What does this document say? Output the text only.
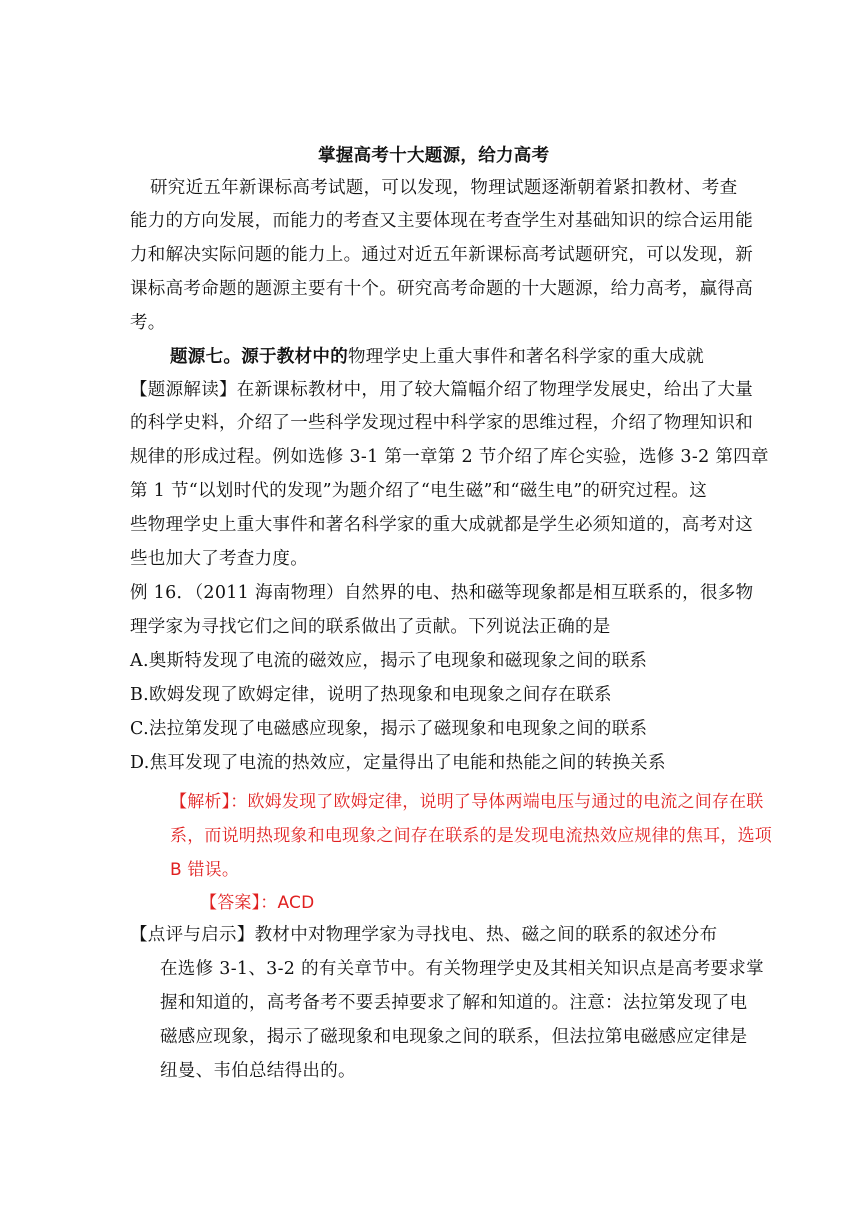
掌握高考十大题源，给力高考
研究近五年新课标高考试题，可以发现，物理试题逐渐朝着紧扣教材、考查
能力的方向发展，而能力的考查又主要体现在考查学生对基础知识的综合运用能
力和解决实际问题的能力上。通过对近五年新课标高考试题研究，可以发现，新
课标高考命题的题源主要有十个。研究高考命题的十大题源，给力高考，赢得高
考。
题源七。源于教材中的物理学史上重大事件和著名科学家的重大成就
【题源解读】在新课标教材中，用了较大篇幅介绍了物理学发展史，给出了大量
的科学史料，介绍了一些科学发现过程中科学家的思维过程，介绍了物理知识和
规律的形成过程。例如选修 3-1 第一章第 2 节介绍了库仑实验，选修 3-2 第四章
第 1 节“以划时代的发现”为题介绍了“电生磁”和“磁生电”的研究过程。这
些物理学史上重大事件和著名科学家的重大成就都是学生必须知道的，高考对这
些也加大了考查力度。
例 16．（2011 海南物理）自然界的电、热和磁等现象都是相互联系的，很多物
理学家为寻找它们之间的联系做出了贡献。下列说法正确的是
A.奥斯特发现了电流的磁效应，揭示了电现象和磁现象之间的联系
B.欧姆发现了欧姆定律，说明了热现象和电现象之间存在联系
C.法拉第发现了电磁感应现象，揭示了磁现象和电现象之间的联系
D.焦耳发现了电流的热效应，定量得出了电能和热能之间的转换关系
【解析】：欧姆发现了欧姆定律，说明了导体两端电压与通过的电流之间存在联
系，而说明热现象和电现象之间存在联系的是发现电流热效应规律的焦耳，选项
B 错误。
【答案】：ACD
【点评与启示】教材中对物理学家为寻找电、热、磁之间的联系的叙述分布
在选修 3-1、3-2 的有关章节中。有关物理学史及其相关知识点是高考要求掌
握和知道的，高考备考不要丢掉要求了解和知道的。注意：法拉第发现了电
磁感应现象，揭示了磁现象和电现象之间的联系，但法拉第电磁感应定律是
纽曼、韦伯总结得出的。
